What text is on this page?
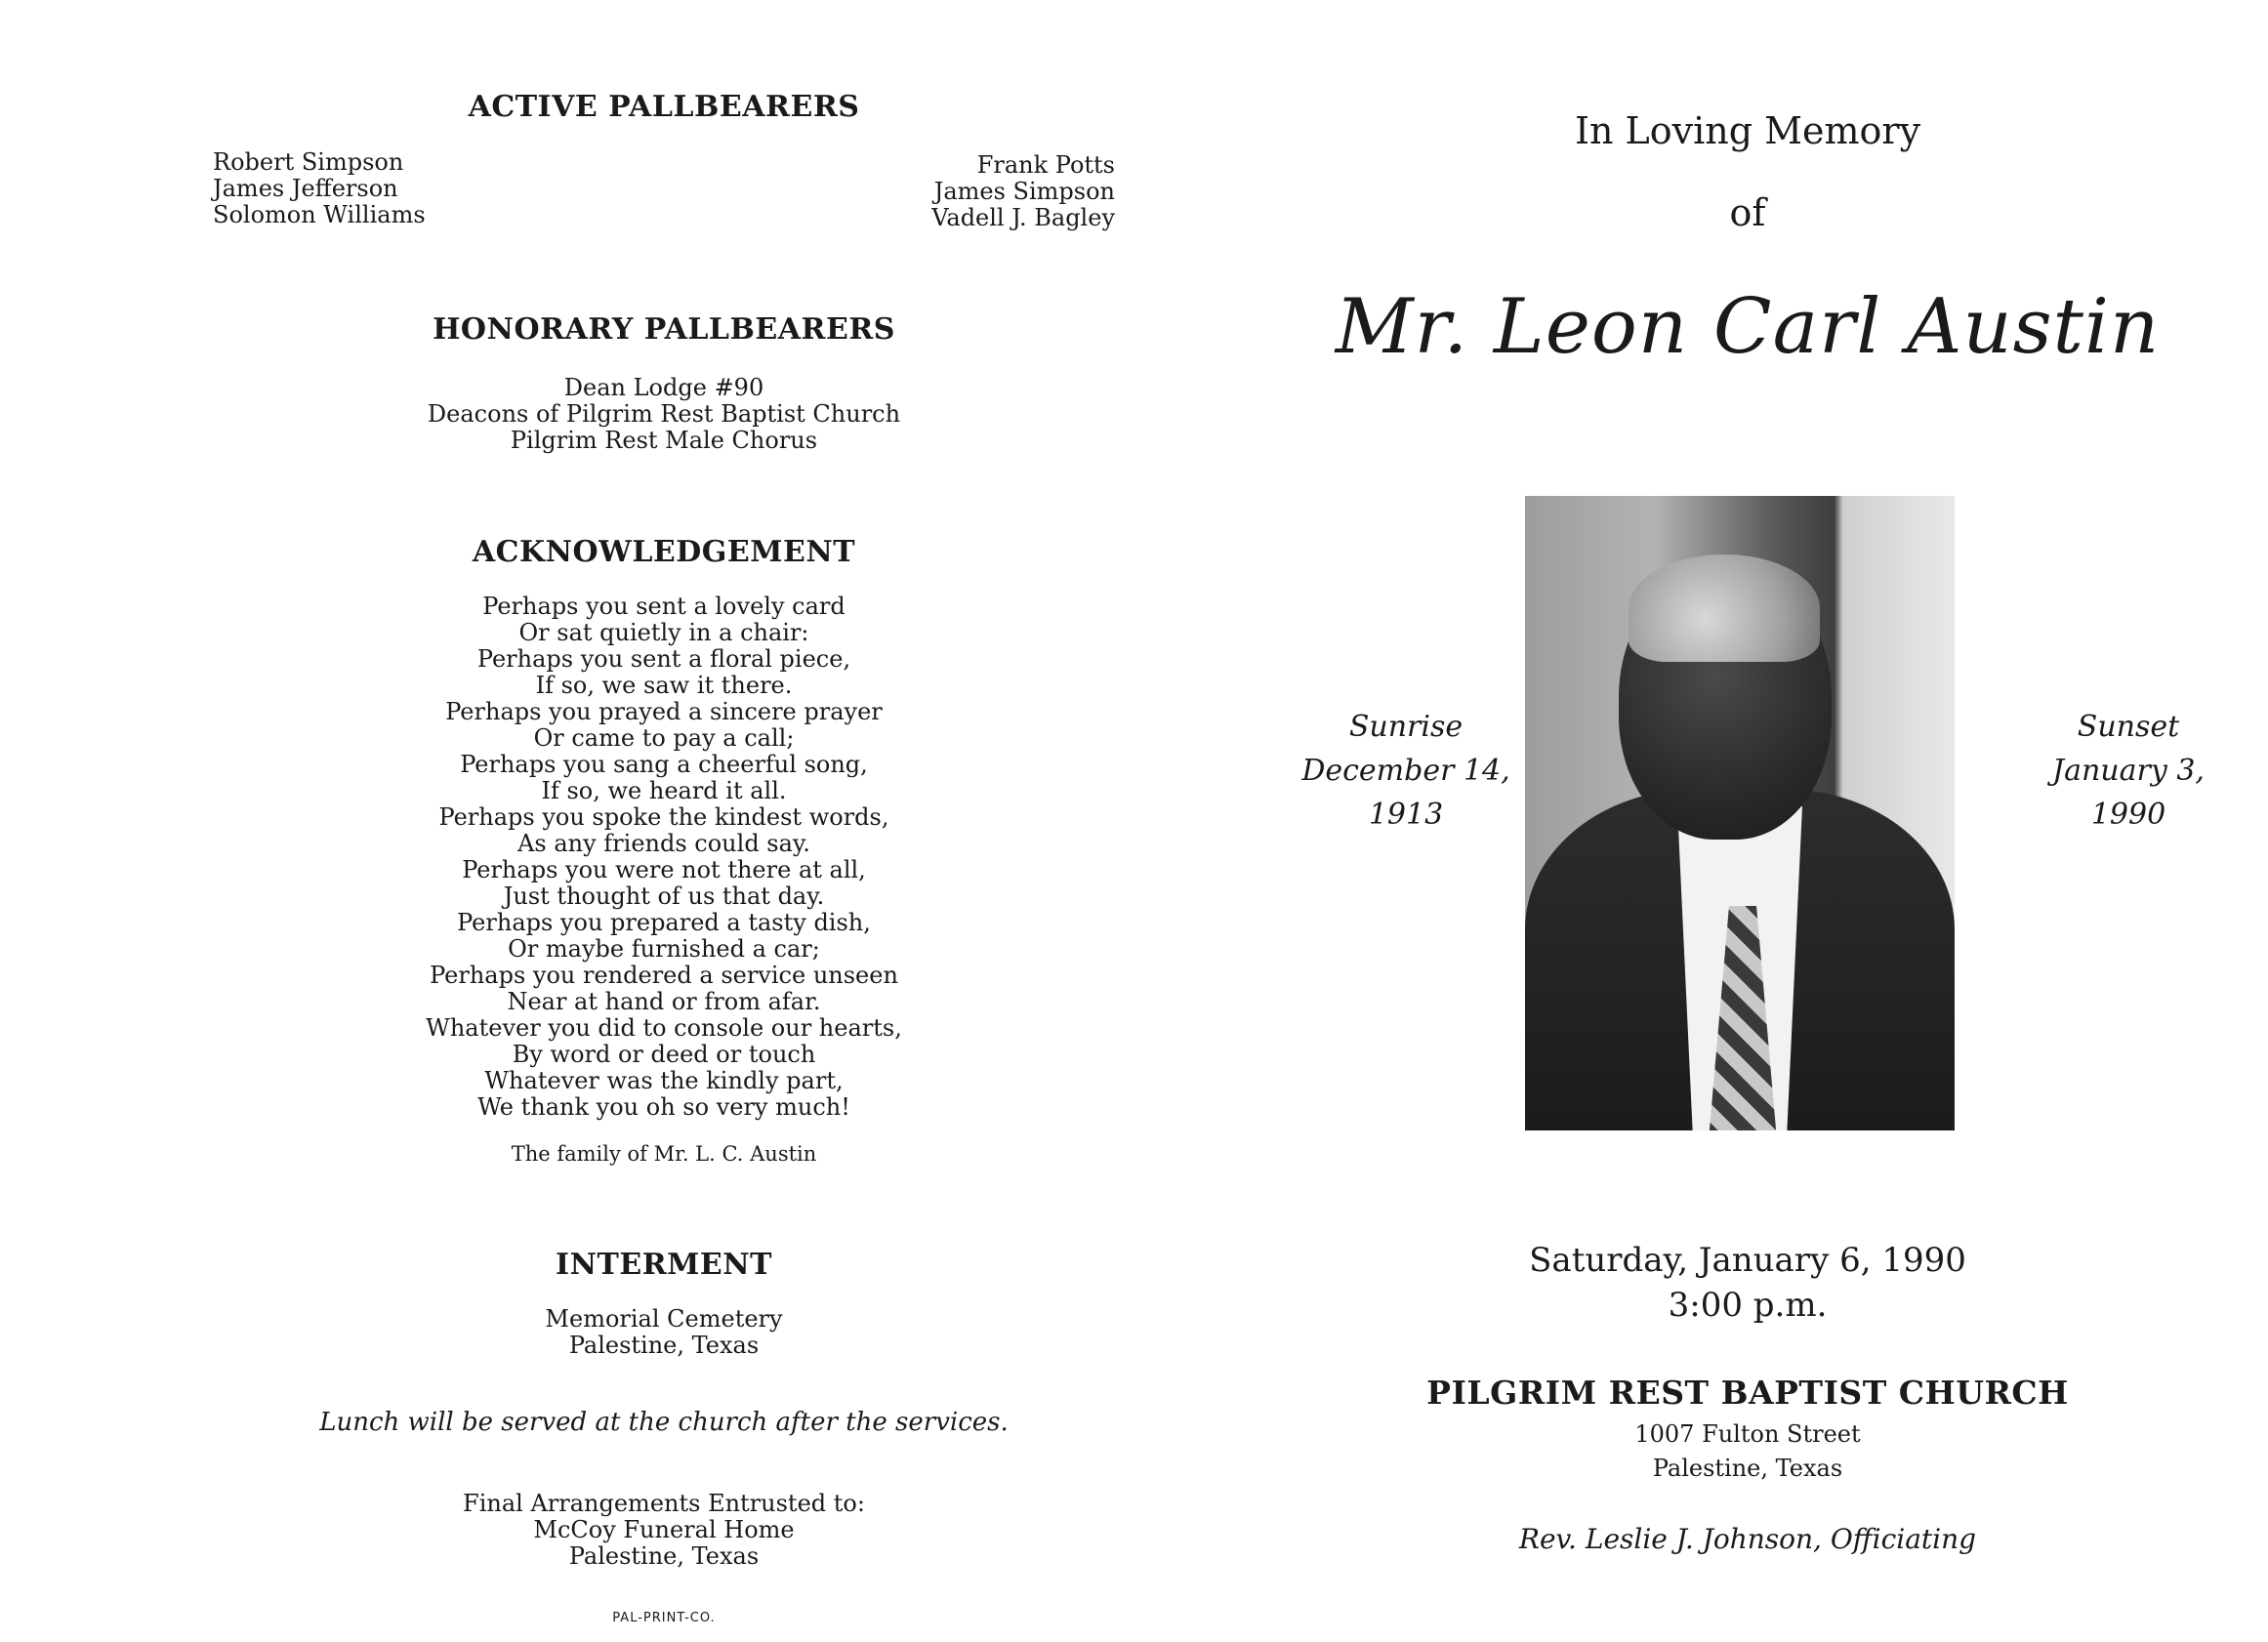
ACTIVE PALLBEARERS
Robert Simpson
James Jefferson
Solomon Williams
Frank Potts
James Simpson
Vadell J. Bagley
HONORARY PALLBEARERS
Dean Lodge #90
Deacons of Pilgrim Rest Baptist Church
Pilgrim Rest Male Chorus
ACKNOWLEDGEMENT
Perhaps you sent a lovely card
Or sat quietly in a chair:
Perhaps you sent a floral piece,
If so, we saw it there.
Perhaps you prayed a sincere prayer
Or came to pay a call;
Perhaps you sang a cheerful song,
If so, we heard it all.
Perhaps you spoke the kindest words,
As any friends could say.
Perhaps you were not there at all,
Just thought of us that day.
Perhaps you prepared a tasty dish,
Or maybe furnished a car;
Perhaps you rendered a service unseen
Near at hand or from afar.
Whatever you did to console our hearts,
By word or deed or touch
Whatever was the kindly part,
We thank you oh so very much!
The family of Mr. L. C. Austin
INTERMENT
Memorial Cemetery
Palestine, Texas
Lunch will be served at the church after the services.
Final Arrangements Entrusted to:
McCoy Funeral Home
Palestine, Texas
PAL-PRINT-CO.
In Loving Memory
of
Mr. Leon Carl Austin
Sunrise
December 14,
1913
Sunset
January 3,
1990
Saturday, January 6, 1990
3:00 p.m.
PILGRIM REST BAPTIST CHURCH
1007 Fulton Street
Palestine, Texas
Rev. Leslie J. Johnson, Officiating
